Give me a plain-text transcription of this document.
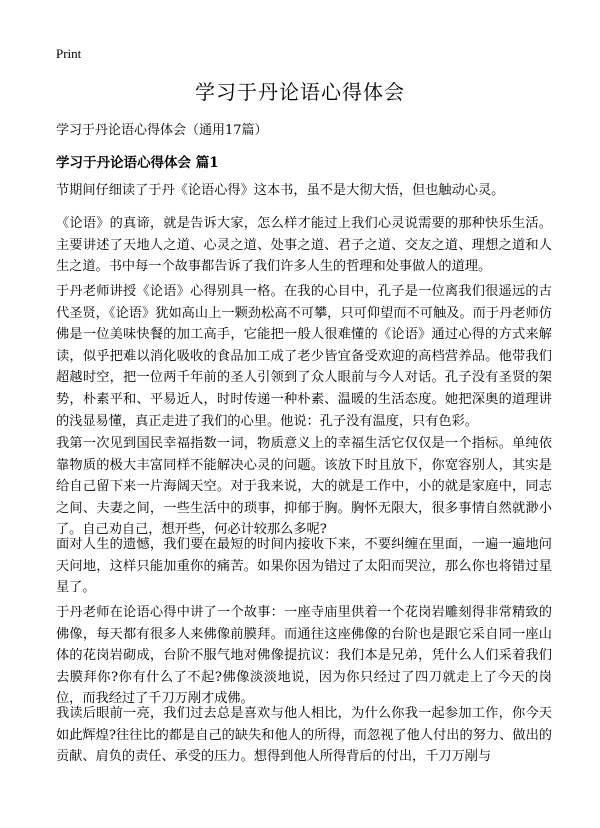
Print
学习于丹论语心得体会
学习于丹论语心得体会（通用17篇）
学习于丹论语心得体会 篇1

节期间仔细读了于丹《论语心得》这本书，虽不是大彻大悟，但也触动心灵。

《论语》的真谛，就是告诉大家，怎么样才能过上我们心灵说需要的那种快乐生活。主要讲述了天地人之道、心灵之道、处事之道、君子之道、交友之道、理想之道和人生之道。书中每一个故事都告诉了我们许多人生的哲理和处事做人的道理。

于丹老师讲授《论语》心得别具一格。在我的心目中，孔子是一位离我们很遥远的古代圣贤，《论语》犹如高山上一颗劲松高不可攀，只可仰望而不可触及。而于丹老师仿佛是一位美味快餐的加工高手，它能把一般人很难懂的《论语》通过心得的方式来解读，似乎把难以消化吸收的食品加工成了老少皆宜备受欢迎的高档营养品。他带我们超越时空，把一位两千年前的圣人引领到了众人眼前与今人对话。孔子没有圣贤的架势，朴素平和、平易近人，时时传递一种朴素、温暖的生活态度。她把深奥的道理讲的浅显易懂，真正走进了我们的心里。他说：孔子没有温度，只有色彩。

我第一次见到国民幸福指数一词，物质意义上的幸福生活它仅仅是一个指标。单纯依靠物质的极大丰富同样不能解决心灵的问题。该放下时且放下，你宽容别人，其实是给自己留下来一片海阔天空。对于我来说，大的就是工作中，小的就是家庭中，同志之间、夫妻之间，一些生活中的琐事，抑郁于胸。胸怀无限大，很多事情自然就渺小了。自己劝自己，想开些，何必计较那么多呢?

面对人生的遗憾，我们要在最短的时间内接收下来，不要纠缠在里面，一遍一遍地问天问地，这样只能加重你的痛苦。如果你因为错过了太阳而哭泣，那么你也将错过星星了。

于丹老师在论语心得中讲了一个故事：一座寺庙里供着一个花岗岩雕刻得非常精致的佛像，每天都有很多人来佛像前膜拜。而通往这座佛像的台阶也是跟它采自同一座山体的花岗岩砌成，台阶不服气地对佛像提抗议：我们本是兄弟，凭什么人们采着我们去膜拜你?你有什么了不起?佛像淡淡地说，因为你只经过了四刀就走上了今天的岗位，而我经过了千刀万剐才成佛。

我读后眼前一亮，我们过去总是喜欢与他人相比，为什么你我一起参加工作，你今天如此辉煌?往往比的都是自己的缺失和他人的所得，而忽视了他人付出的努力、做出的贡献、肩负的责任、承受的压力。想得到他人所得背后的付出，千刀万剐与
